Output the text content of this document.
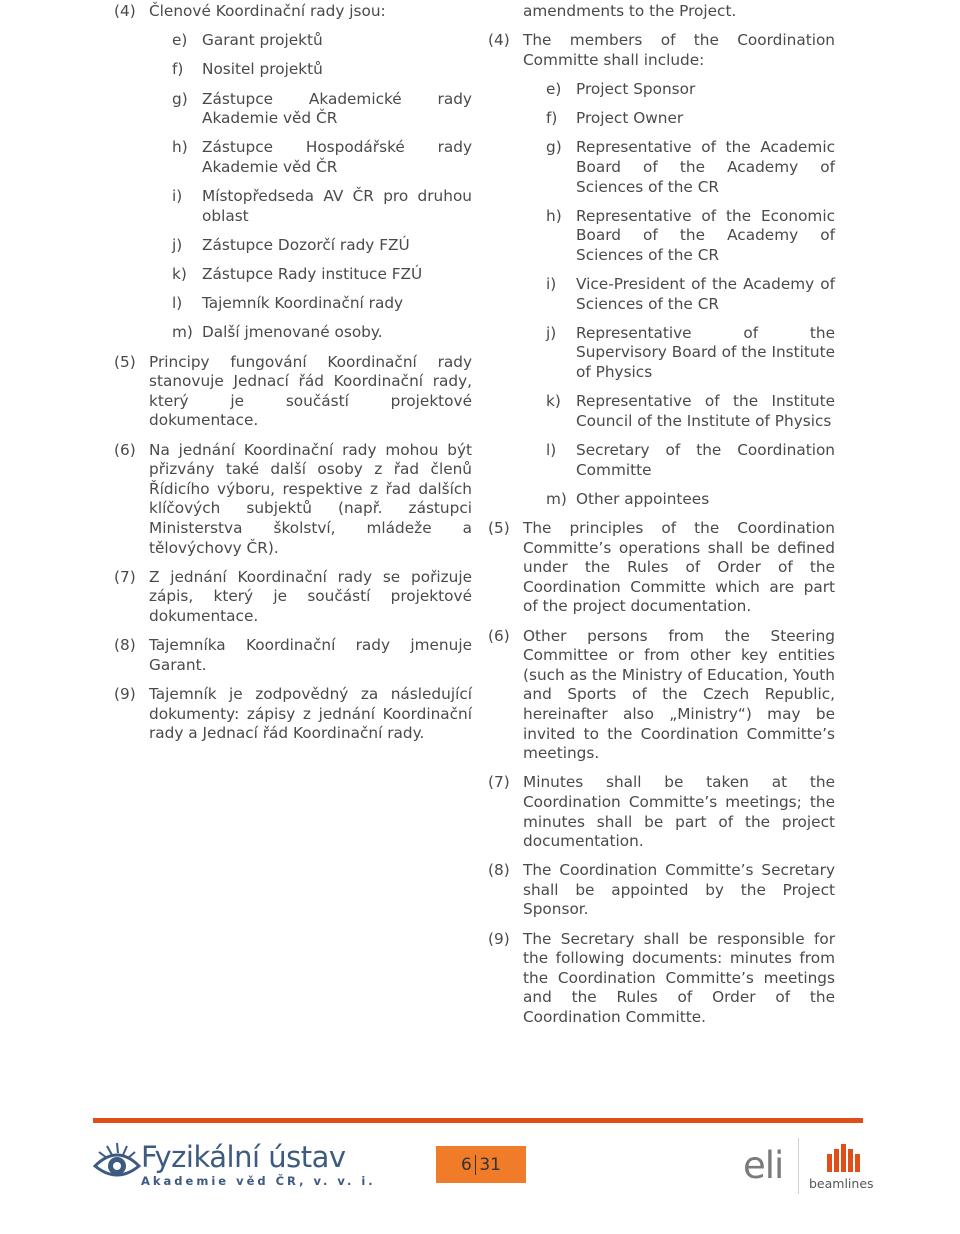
(4) Členové Koordinační rady jsou:
e) Garant projektů
f) Nositel projektů
g) Zástupce Akademické rady Akademie věd ČR
h) Zástupce Hospodářské rady Akademie věd ČR
i) Místopředseda AV ČR pro druhou oblast
j) Zástupce Dozorčí rady FZÚ
k) Zástupce Rady instituce FZÚ
l) Tajemník Koordinační rady
m) Další jmenované osoby.
(5) Principy fungování Koordinační rady stanovuje Jednací řád Koordinační rady, který je součástí projektové dokumentace.
(6) Na jednání Koordinační rady mohou být přizvány také další osoby z řad členů Řídicího výboru, respektive z řad dalších klíčových subjektů (např. zástupci Ministerstva školství, mládeže a tělovýchovy ČR).
(7) Z jednání Koordinační rady se pořizuje zápis, který je součástí projektové dokumentace.
(8) Tajemníka Koordinační rady jmenuje Garant.
(9) Tajemník je zodpovědný za následující dokumenty: zápisy z jednání Koordinační rady a Jednací řád Koordinační rady.
amendments to the Project.
(4) The members of the Coordination Committe shall include:
e) Project Sponsor
f) Project Owner
g) Representative of the Academic Board of the Academy of Sciences of the CR
h) Representative of the Economic Board of the Academy of Sciences of the CR
i) Vice-President of the Academy of Sciences of the CR
j) Representative of the Supervisory Board of the Institute of Physics
k) Representative of the Institute Council of the Institute of Physics
l) Secretary of the Coordination Committe
m) Other appointees
(5) The principles of the Coordination Committe’s operations shall be defined under the Rules of Order of the Coordination Committe which are part of the project documentation.
(6) Other persons from the Steering Committee or from other key entities (such as the Ministry of Education, Youth and Sports of the Czech Republic, hereinafter also „Ministry“) may be invited to the Coordination Committe’s meetings.
(7) Minutes shall be taken at the Coordination Committe’s meetings; the minutes shall be part of the project documentation.
(8) The Coordination Committe’s Secretary shall be appointed by the Project Sponsor.
(9) The Secretary shall be responsible for the following documents: minutes from the Coordination Committe’s meetings and the Rules of Order of the Coordination Committe.
Fyzikální ústav
Akademie věd ČR, v. v. i.
6 31	eli beamlines
